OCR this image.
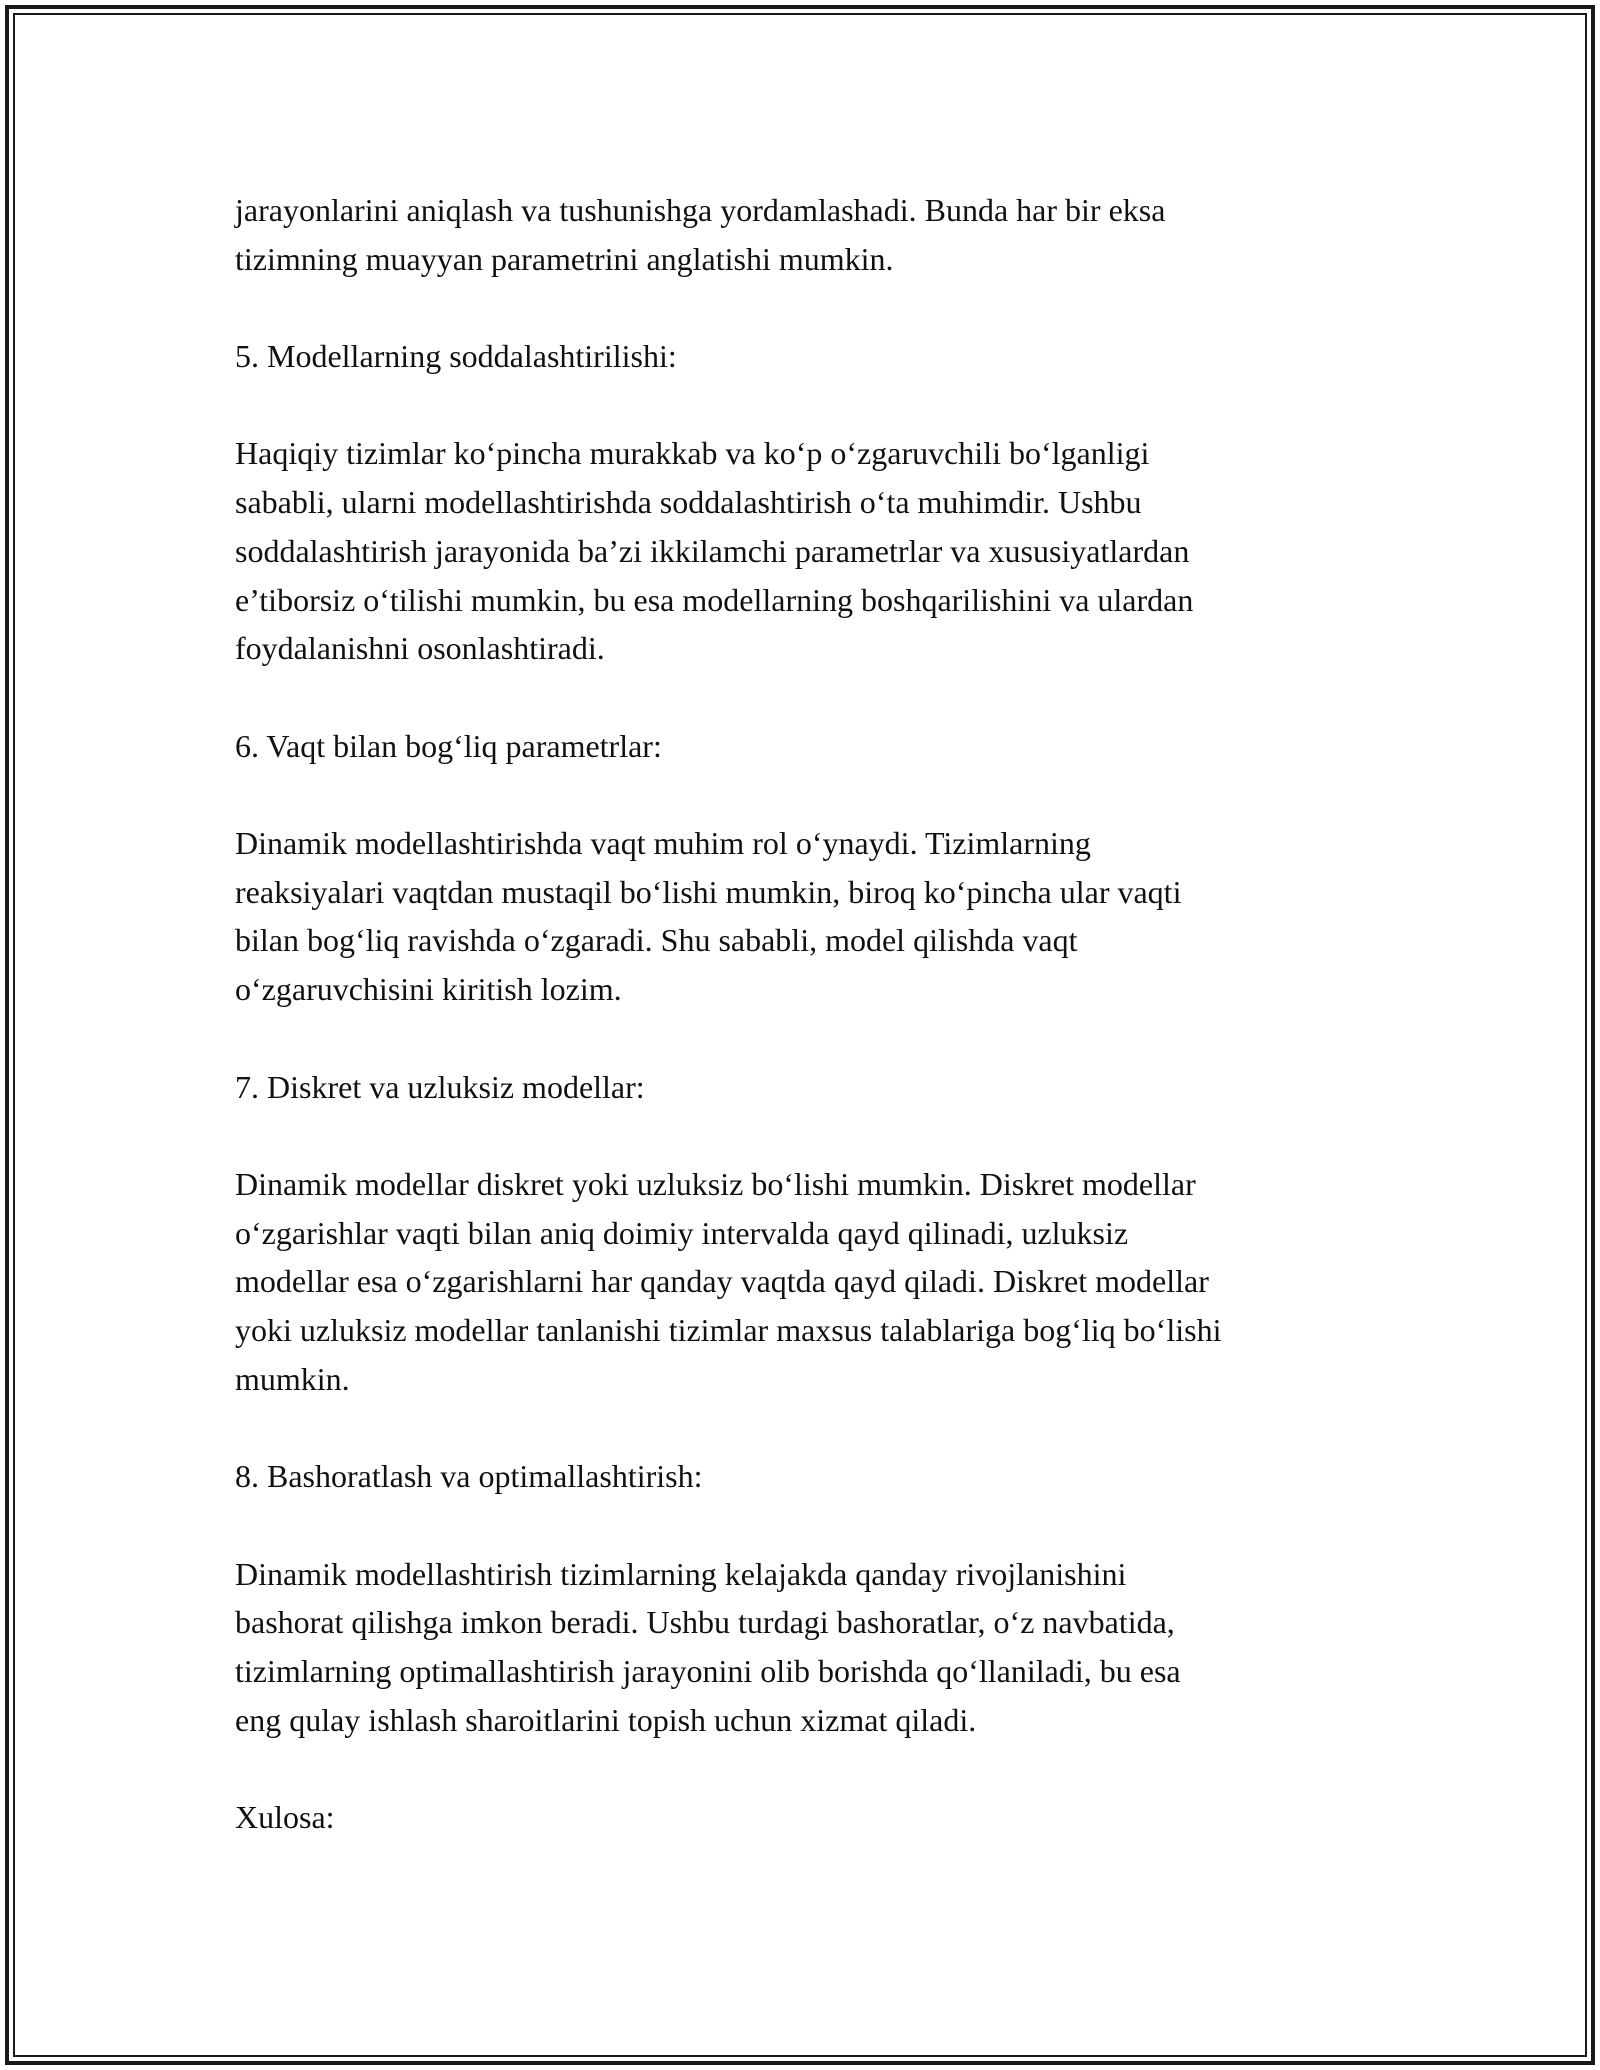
jarayonlarini aniqlash va tushunishga yordamlashadi. Bunda har bir eksa
tizimning muayyan parametrini anglatishi mumkin.

5. Modellarning soddalashtirilishi:

Haqiqiy tizimlar ko‘pincha murakkab va ko‘p o‘zgaruvchili bo‘lganligi
sababli, ularni modellashtirishda soddalashtirish o‘ta muhimdir. Ushbu
soddalashtirish jarayonida ba’zi ikkilamchi parametrlar va xususiyatlardan
e’tiborsiz o‘tilishi mumkin, bu esa modellarning boshqarilishini va ulardan
foydalanishni osonlashtiradi.

6. Vaqt bilan bog‘liq parametrlar:

Dinamik modellashtirishda vaqt muhim rol o‘ynaydi. Tizimlarning
reaksiyalari vaqtdan mustaqil bo‘lishi mumkin, biroq ko‘pincha ular vaqti
bilan bog‘liq ravishda o‘zgaradi. Shu sababli, model qilishda vaqt
o‘zgaruvchisini kiritish lozim.

7. Diskret va uzluksiz modellar:

Dinamik modellar diskret yoki uzluksiz bo‘lishi mumkin. Diskret modellar
o‘zgarishlar vaqti bilan aniq doimiy intervalda qayd qilinadi, uzluksiz
modellar esa o‘zgarishlarni har qanday vaqtda qayd qiladi. Diskret modellar
yoki uzluksiz modellar tanlanishi tizimlar maxsus talablariga bog‘liq bo‘lishi
mumkin.

8. Bashoratlash va optimallashtirish:

Dinamik modellashtirish tizimlarning kelajakda qanday rivojlanishini
bashorat qilishga imkon beradi. Ushbu turdagi bashoratlar, o‘z navbatida,
tizimlarning optimallashtirish jarayonini olib borishda qo‘llaniladi, bu esa
eng qulay ishlash sharoitlarini topish uchun xizmat qiladi.

Xulosa:
